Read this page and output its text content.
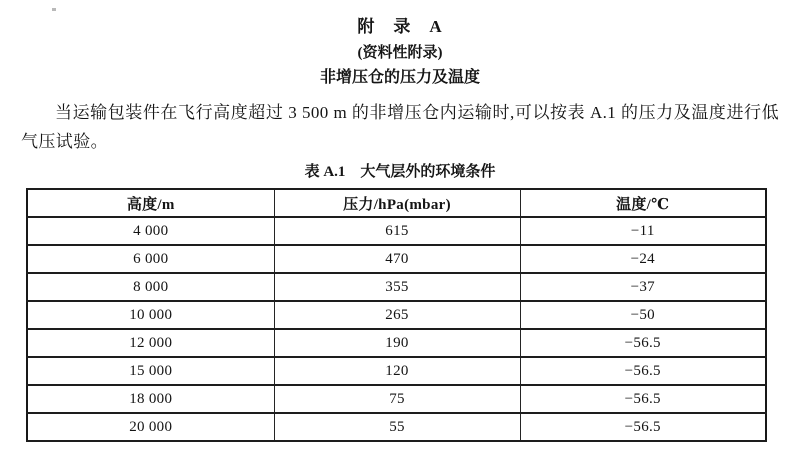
附　录　A
(资料性附录)
非增压仓的压力及温度

当运输包装件在飞行高度超过 3 500 m 的非增压仓内运输时,可以按表 A.1 的压力及温度进行低气压试验。

表 A.1　大气层外的环境条件
高度/m	压力/hPa(mbar)	温度/℃
4 000	615	−11
6 000	470	−24
8 000	355	−37
10 000	265	−50
12 000	190	−56.5
15 000	120	−56.5
18 000	75	−56.5
20 000	55	−56.5
